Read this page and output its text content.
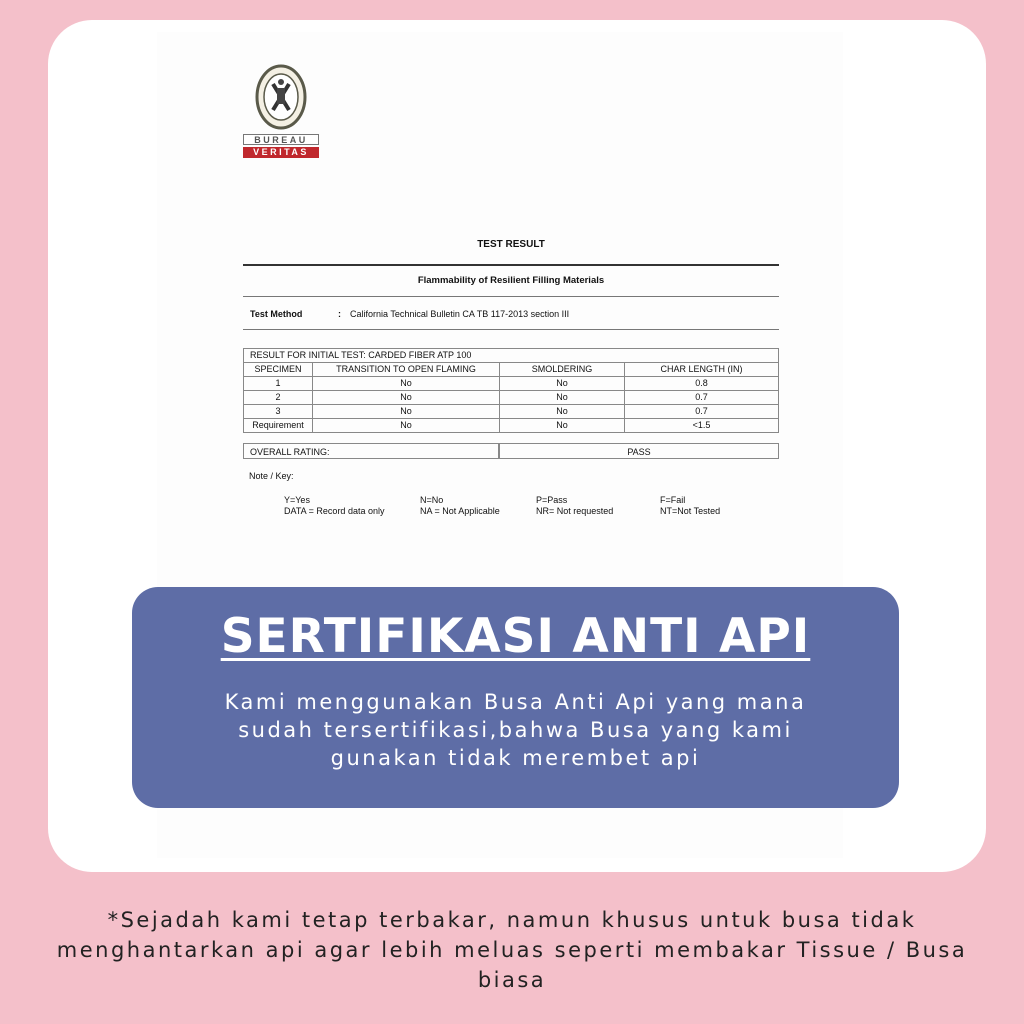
BUREAU
VERITAS
TEST RESULT
Flammability of Resilient Filling Materials
Test Method	:	California Technical Bulletin CA TB 117-2013 section III
RESULT FOR INITIAL TEST: CARDED FIBER ATP 100			
SPECIMEN	TRANSITION TO OPEN FLAMING	SMOLDERING	CHAR LENGTH (IN)
1	No	No	0.8
2	No	No	0.7
3	No	No	0.7
Requirement	No	No	<1.5
OVERALL RATING:	PASS
Note / Key:
Y=Yes	N=No	P=Pass	F=Fail
DATA = Record data only	NA = Not Applicable	NR= Not requested	NT=Not Tested
SERTIFIKASI ANTI API

Kami menggunakan Busa Anti Api yang mana sudah tersertifikasi,bahwa Busa yang kami gunakan tidak merembet api

*Sejadah kami tetap terbakar, namun khusus untuk busa tidak menghantarkan api agar lebih meluas seperti membakar Tissue / Busa biasa
